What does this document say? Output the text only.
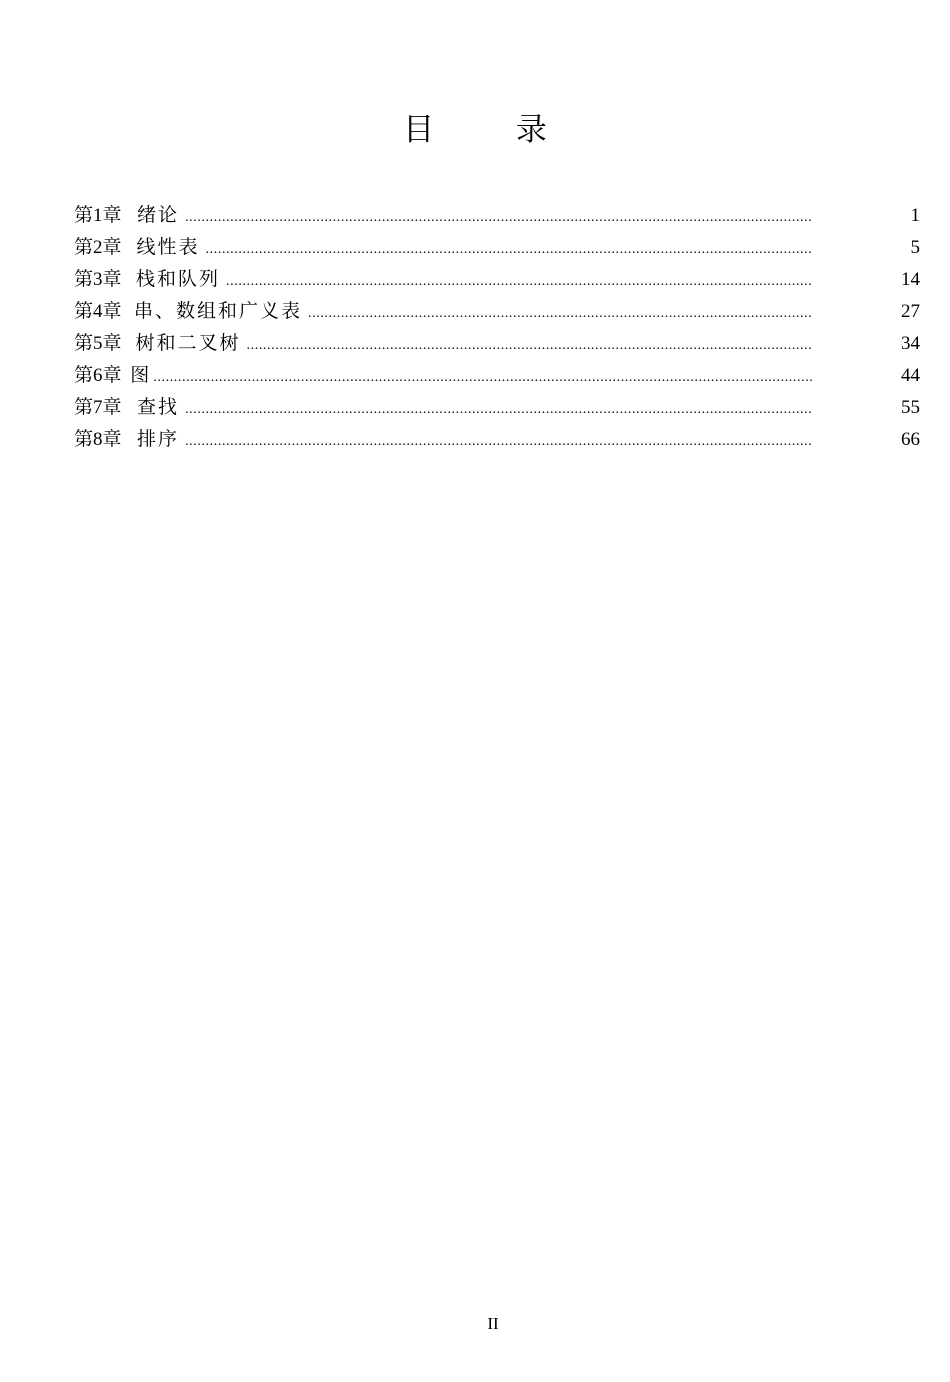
目 录
第1章 绪论 .....	1
第2章 线性表 .....	5
第3章 栈和队列 .....	14
第4章 串、数组和广义表 .....	27
第5章 树和二叉树 .....	34
第6章 图 .....	44
第7章 查找 .....	55
第8章 排序 .....	66
II
